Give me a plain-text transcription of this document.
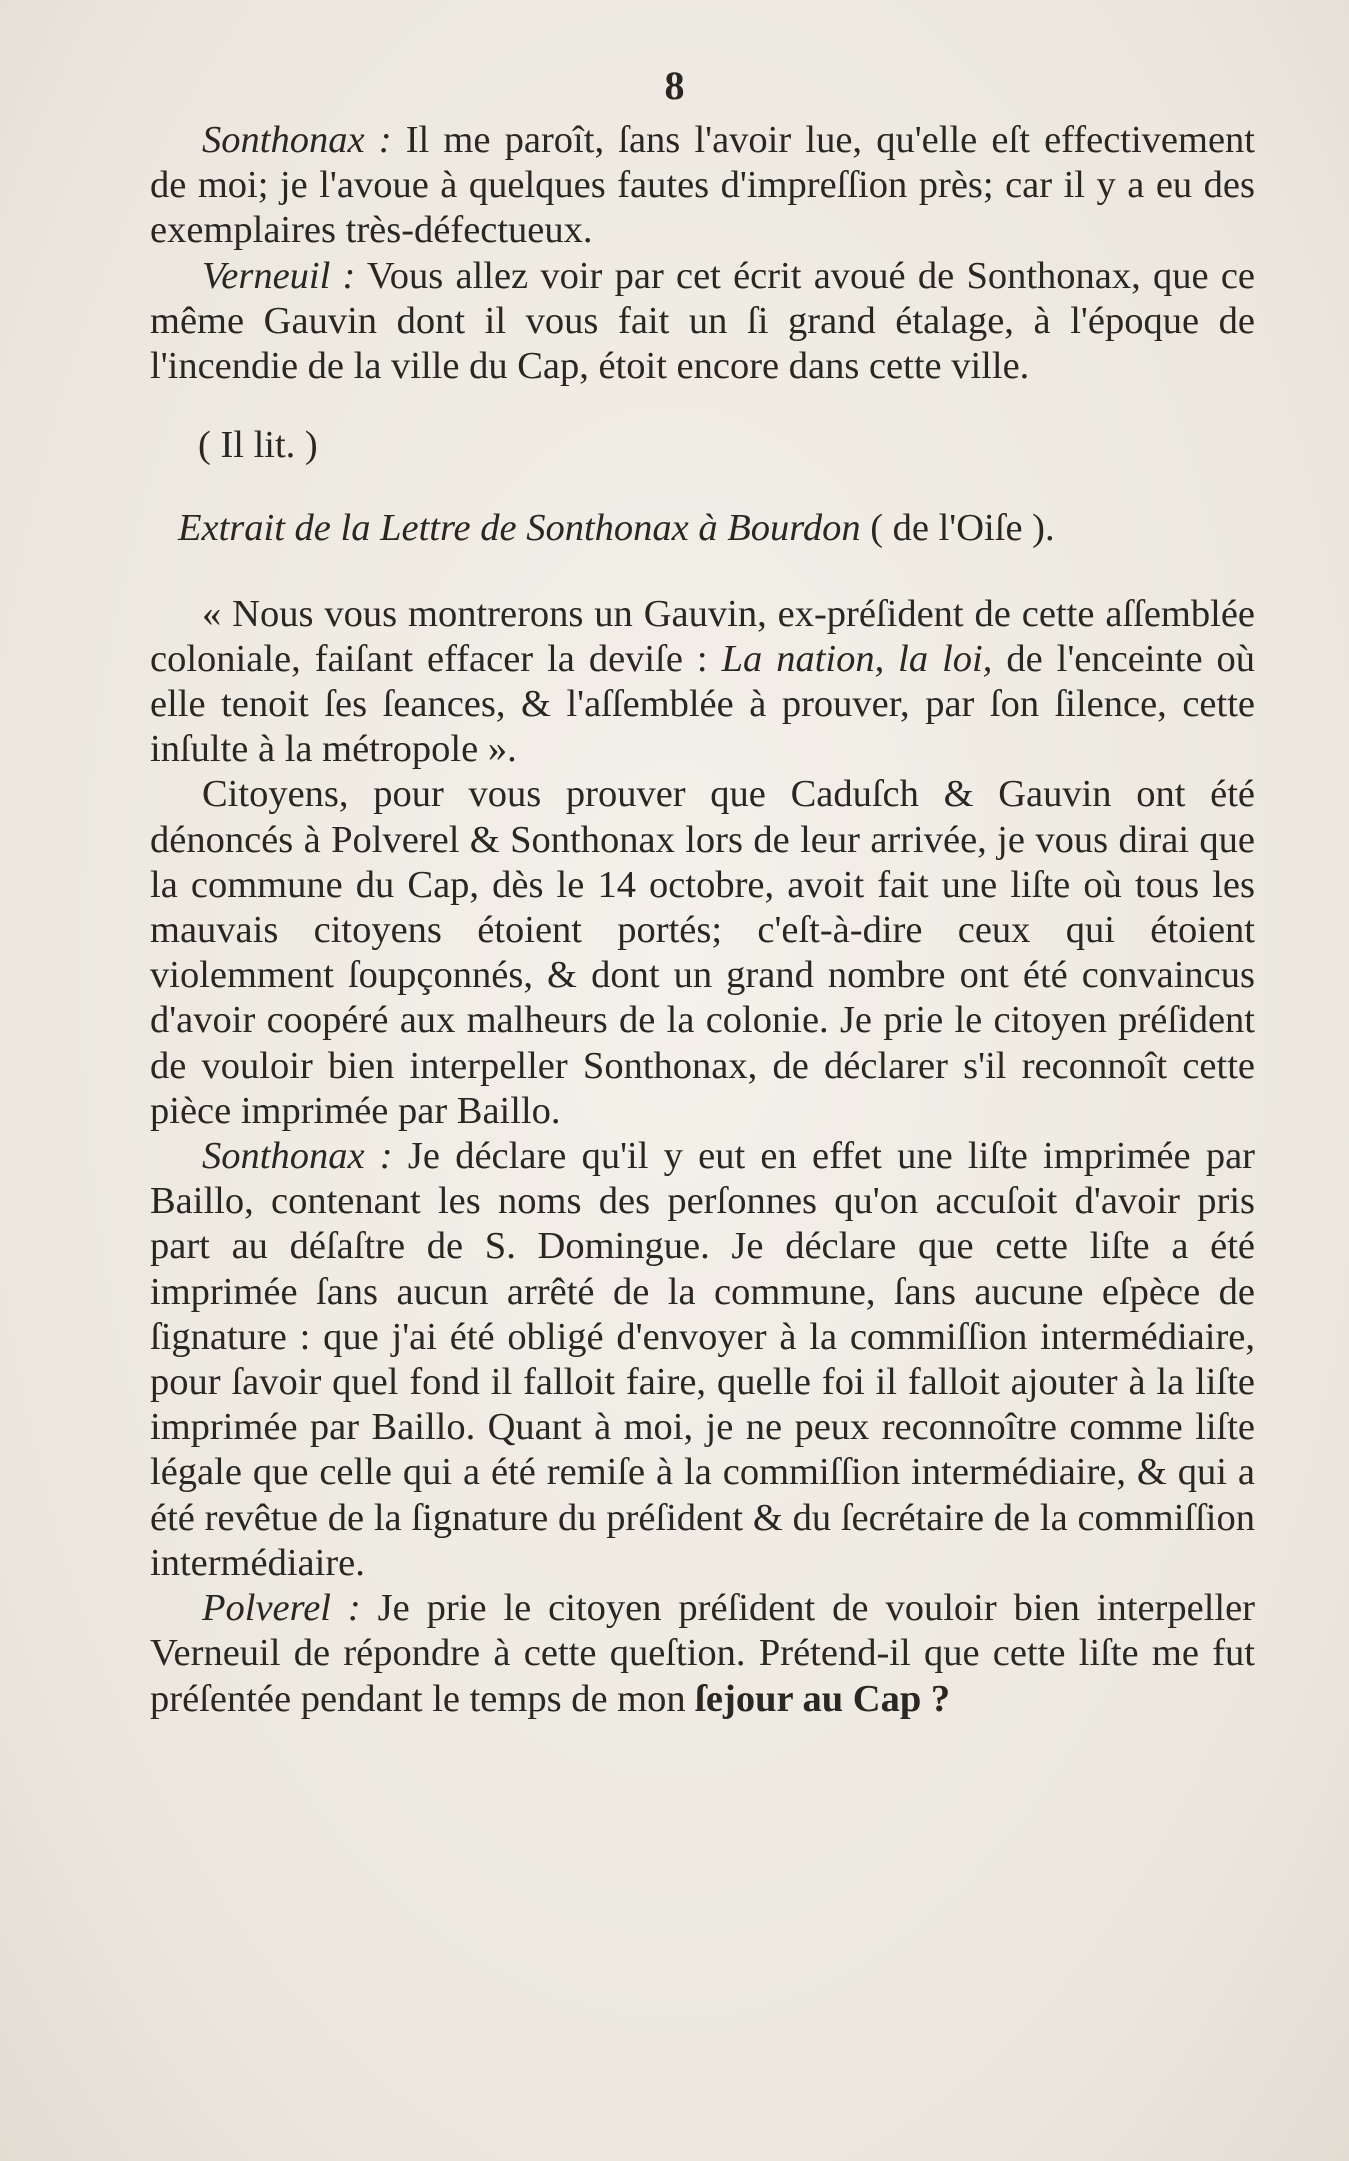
8

Sonthonax : Il me paroît, ſans l'avoir lue, qu'elle eſt effectivement de moi; je l'avoue à quelques fautes d'impreſſion près; car il y a eu des exemplaires très-défectueux.

Verneuil : Vous allez voir par cet écrit avoué de Sonthonax, que ce même Gauvin dont il vous fait un ſi grand étalage, à l'époque de l'incendie de la ville du Cap, étoit encore dans cette ville.

( Il lit. )

Extrait de la Lettre de Sonthonax à Bourdon ( de l'Oiſe ).

« Nous vous montrerons un Gauvin, ex-préſident de cette aſſemblée coloniale, faiſant effacer la deviſe : La nation, la loi, de l'enceinte où elle tenoit ſes ſeances, & l'aſſemblée à prouver, par ſon ſilence, cette inſulte à la métropole ».

Citoyens, pour vous prouver que Caduſch & Gauvin ont été dénoncés à Polverel & Sonthonax lors de leur arrivée, je vous dirai que la commune du Cap, dès le 14 octobre, avoit fait une liſte où tous les mauvais citoyens étoient portés; c'eſt-à-dire ceux qui étoient violemment ſoupçonnés, & dont un grand nombre ont été convaincus d'avoir coopéré aux malheurs de la colonie. Je prie le citoyen préſident de vouloir bien interpeller Sonthonax, de déclarer s'il reconnoît cette pièce imprimée par Baillo.

Sonthonax : Je déclare qu'il y eut en effet une liſte imprimée par Baillo, contenant les noms des perſonnes qu'on accuſoit d'avoir pris part au déſaſtre de S. Domingue. Je déclare que cette liſte a été imprimée ſans aucun arrêté de la commune, ſans aucune eſpèce de ſignature : que j'ai été obligé d'envoyer à la commiſſion intermédiaire, pour ſavoir quel fond il falloit faire, quelle foi il falloit ajouter à la liſte imprimée par Baillo. Quant à moi, je ne peux reconnoître comme liſte légale que celle qui a été remiſe à la commiſſion intermédiaire, & qui a été revêtue de la ſignature du préſident & du ſecrétaire de la commiſſion intermédiaire.

Polverel : Je prie le citoyen préſident de vouloir bien interpeller Verneuil de répondre à cette queſtion. Prétend-il que cette liſte me fut préſentée pendant le temps de mon ſejour au Cap ?
